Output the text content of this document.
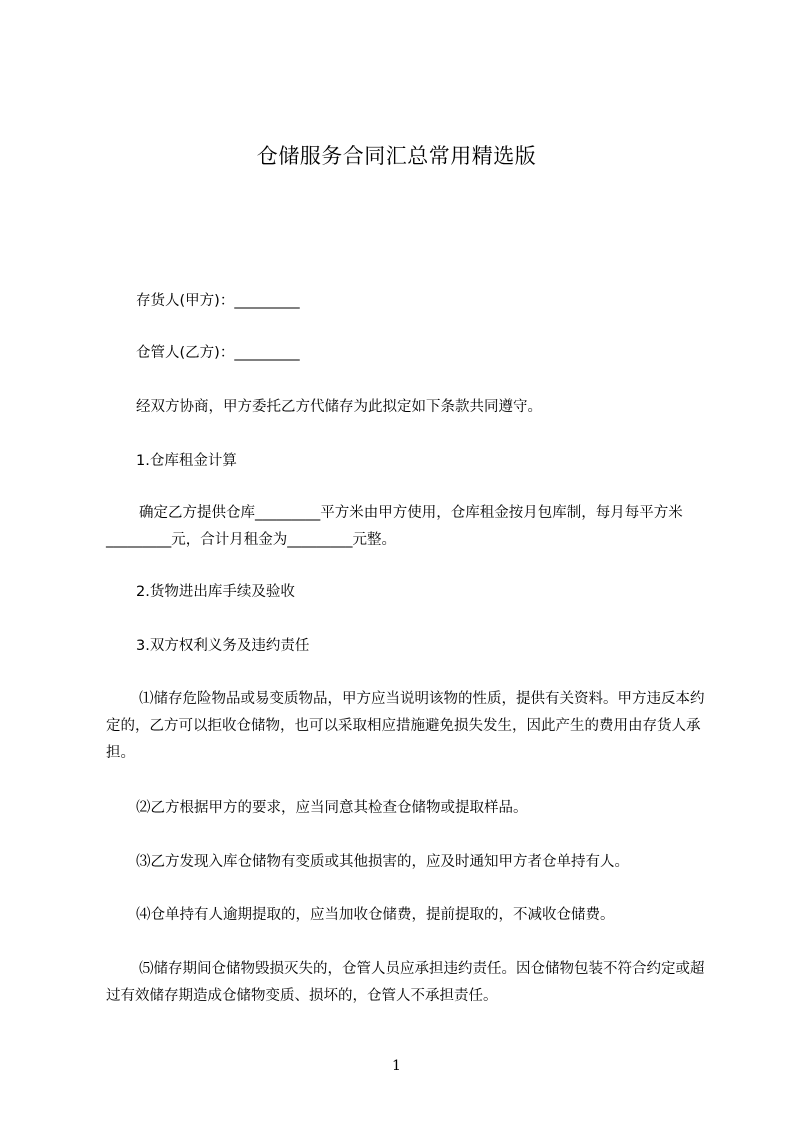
仓储服务合同汇总常用精选版

存货人(甲方)：_________

仓管人(乙方)：_________

经双方协商，甲方委托乙方代储存为此拟定如下条款共同遵守。

1.仓库租金计算

确定乙方提供仓库_________平方米由甲方使用，仓库租金按月包库制，每月每平方米_________元，合计月租金为_________元整。

2.货物进出库手续及验收

3.双方权利义务及违约责任

⑴储存危险物品或易变质物品，甲方应当说明该物的性质，提供有关资料。甲方违反本约定的，乙方可以拒收仓储物，也可以采取相应措施避免损失发生，因此产生的费用由存货人承担。

⑵乙方根据甲方的要求，应当同意其检查仓储物或提取样品。

⑶乙方发现入库仓储物有变质或其他损害的，应及时通知甲方者仓单持有人。

⑷仓单持有人逾期提取的，应当加收仓储费，提前提取的，不减收仓储费。

⑸储存期间仓储物毁损灭失的，仓管人员应承担违约责任。因仓储物包装不符合约定或超过有效储存期造成仓储物变质、损坏的，仓管人不承担责任。

1
